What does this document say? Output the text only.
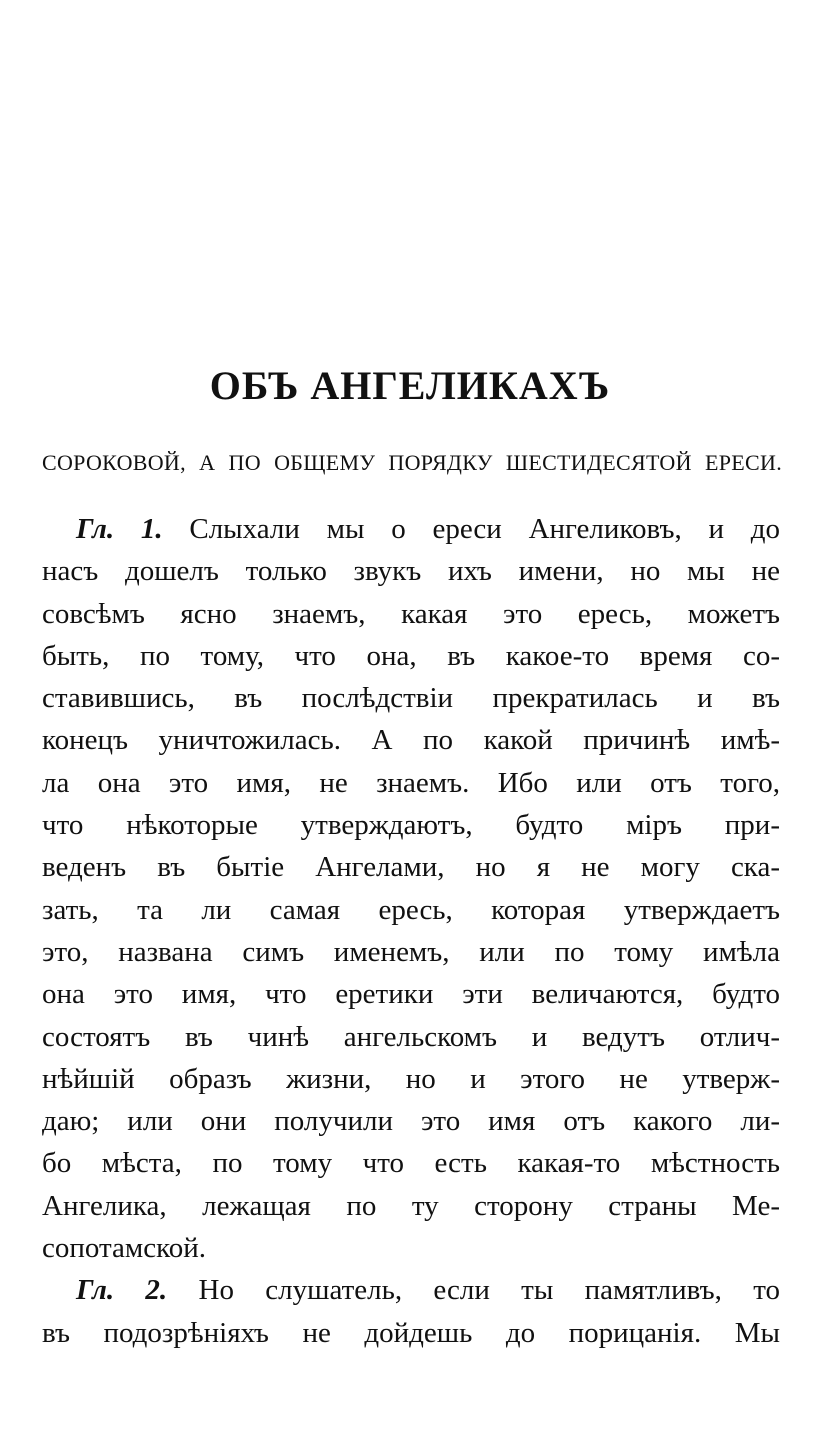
ОБЪ АНГЕЛИКАХЪ

СОРОКОВОЙ, А ПО ОБЩЕМУ ПОРЯДКУ ШЕСТИДЕСЯТОЙ ЕРЕСИ.

Гл. 1. Слыхали мы о ереси Ангеликовъ, и до
насъ дошелъ только звукъ ихъ имени, но мы не
совсѣмъ ясно знаемъ, какая это ересь, можетъ
быть, по тому, что она, въ какое-то время со-
ставившись, въ послѣдствiи прекратилась и въ
конецъ уничтожилась. А по какой причинѣ имѣ-
ла она это имя, не знаемъ. Ибо или отъ того,
что нѣкоторые утверждаютъ, будто мiръ при-
веденъ въ бытiе Ангелами, но я не могу ска-
зать, та ли самая ересь, которая утверждаетъ
это, названа симъ именемъ, или по тому имѣла
она это имя, что еретики эти величаются, будто
состоятъ въ чинѣ ангельскомъ и ведутъ отлич-
нѣйшiй образъ жизни, но и этого не утверж-
даю; или они получили это имя отъ какого ли-
бо мѣста, по тому что есть какая-то мѣстность
Ангелика, лежащая по ту сторону страны Ме-
сопотамской.
Гл. 2. Но слушатель, если ты памятливъ, то
въ подозрѣнiяхъ не дойдешь до порицанiя. Мы
